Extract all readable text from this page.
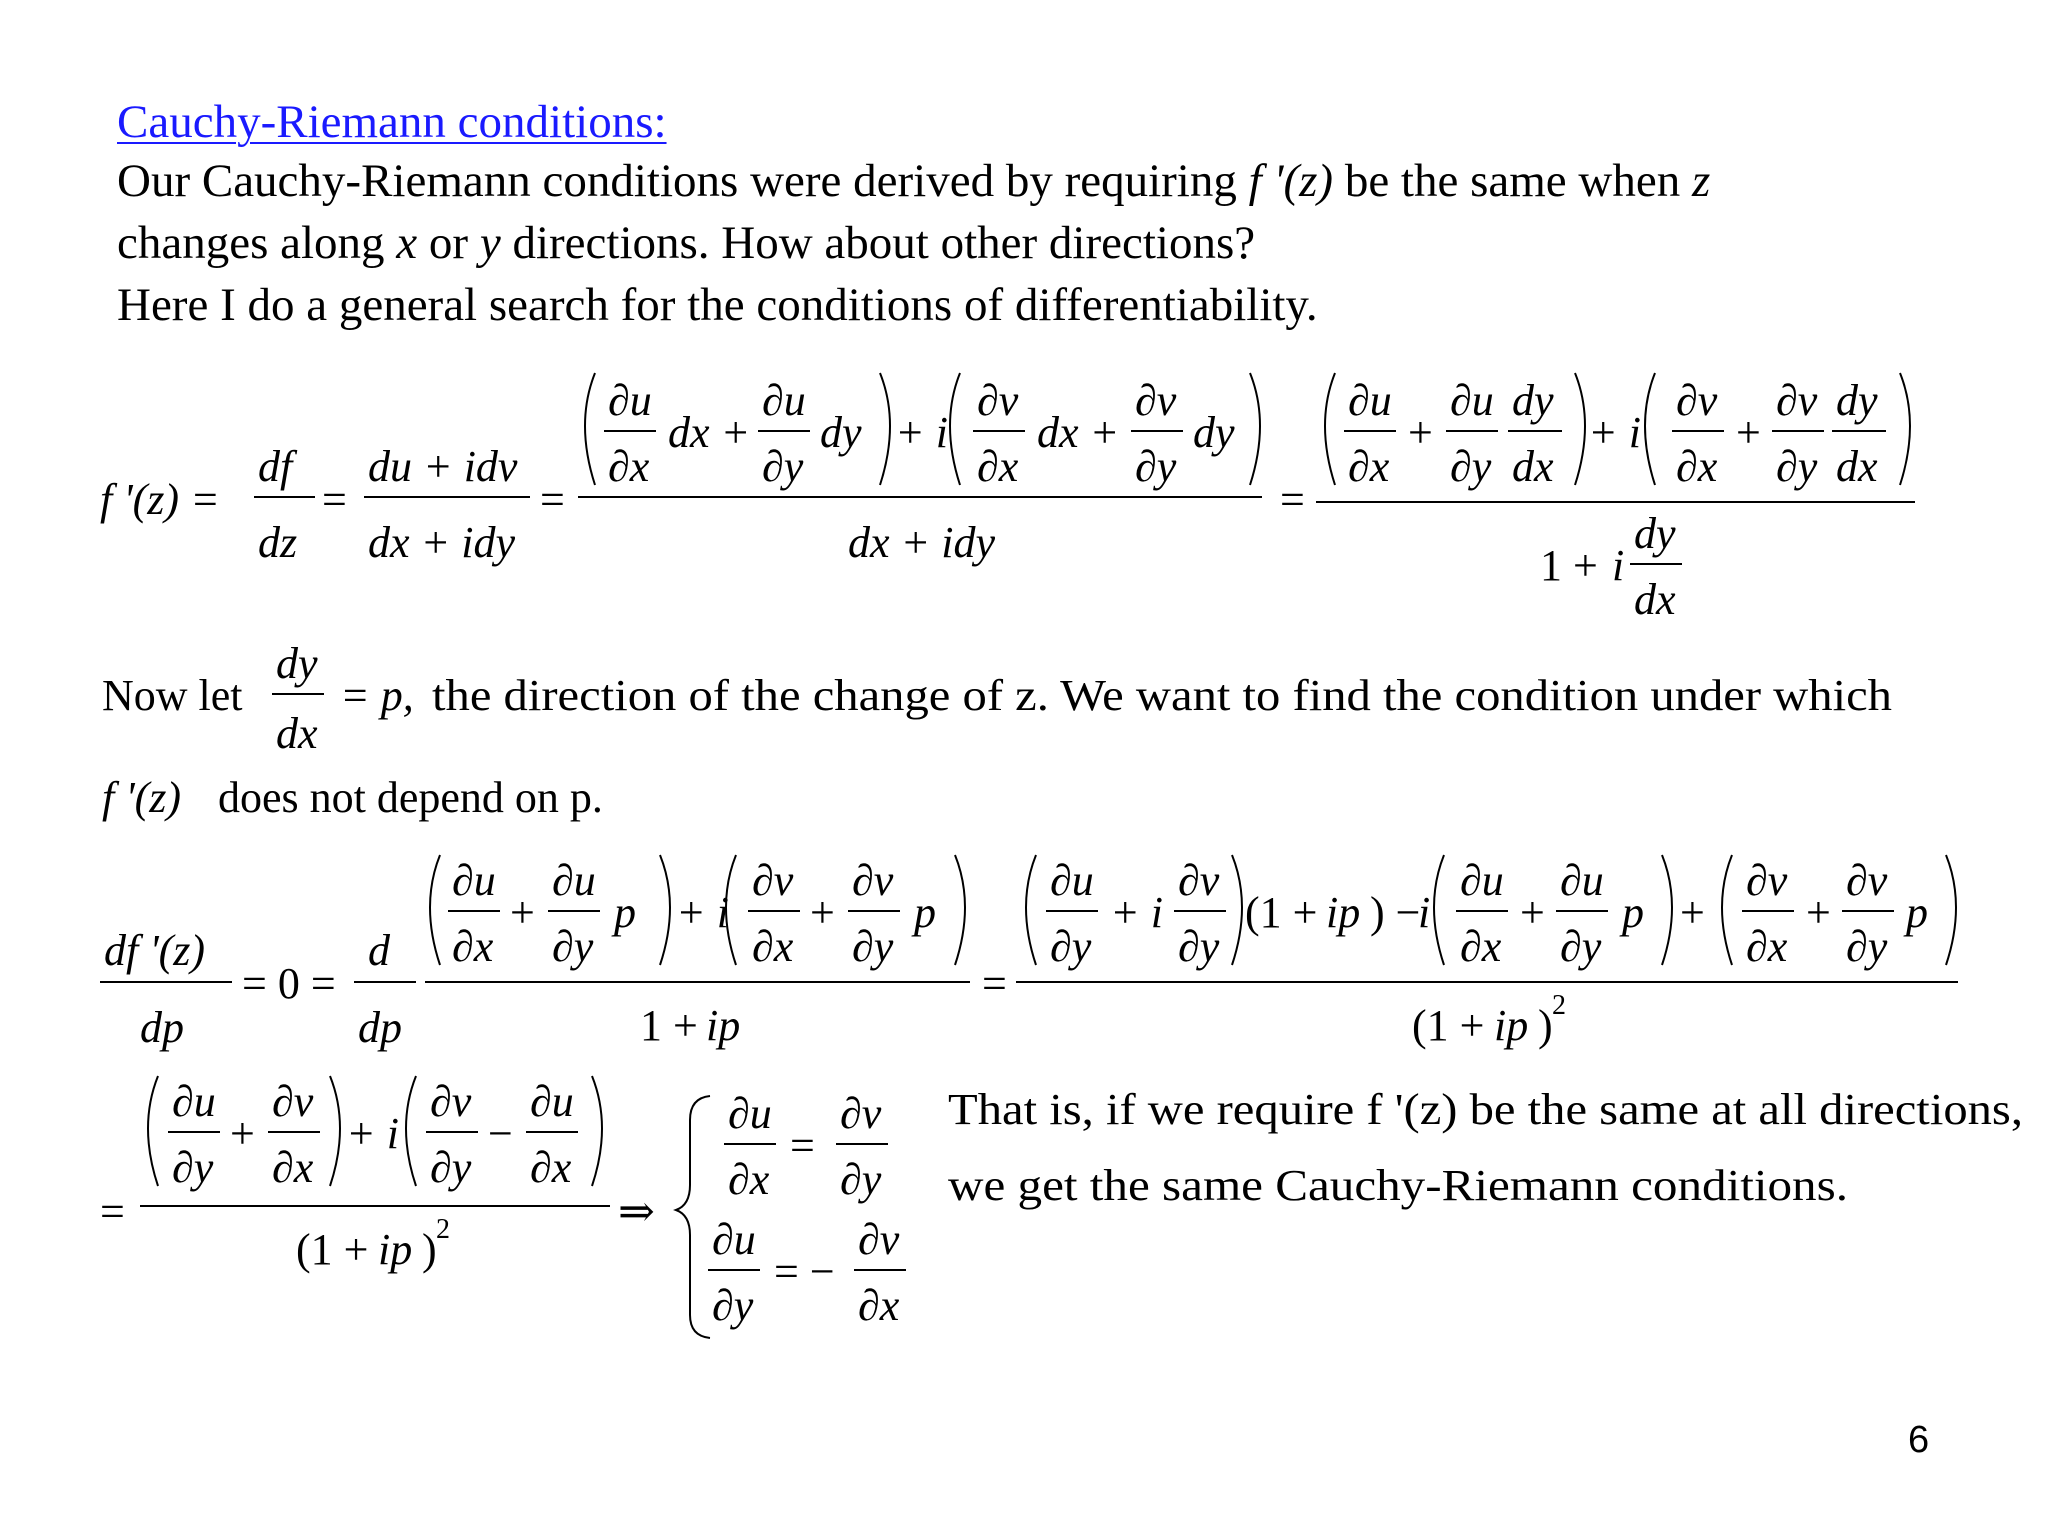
Cauchy-Riemann conditions:
Our Cauchy-Riemann conditions were derived by requiring f '(z) be the same when z
changes along x or y directions. How about other directions?
Here I do a general search for the conditions of differentiability.
f '(z) =
df
dz
=
du + idv
dx + idy
=
∂u
∂x
dx +
∂u
∂y
dy + i
∂v
∂x
dx +
∂v
∂y
dy
dx + idy
=
∂u
∂x
+
∂u
∂y
dy
dx
+ i
∂v
∂x
+
∂v
∂y
dy
dx
1 + i
dy
dx
Now let
dy
dx
= p, the direction of the change of z. We want to find the condition under which
f '(z) does not depend on p.
df '(z)
dp
= 0 =
d
dp
∂u
∂x
+
∂u
∂y
p + i
∂v
∂x
+
∂v
∂y
p
1 + ip
=
∂u
∂y
+ i
∂v
∂y
(1 + ip ) −
i
∂u
∂x
+
∂u
∂y
p +
∂v
∂x
+
∂v
∂y
p
(1 + ip ) 2
=
∂u
∂y
+
∂v
∂x
+ i
∂v
∂y
−
∂u
∂x
(1 + ip ) 2	⇒
∂u
∂x
=
∂v
∂y
∂u
∂y
= −
∂v
∂x
That is, if we require f '(z) be the same at all directions,
we get the same Cauchy-Riemann conditions.
6
